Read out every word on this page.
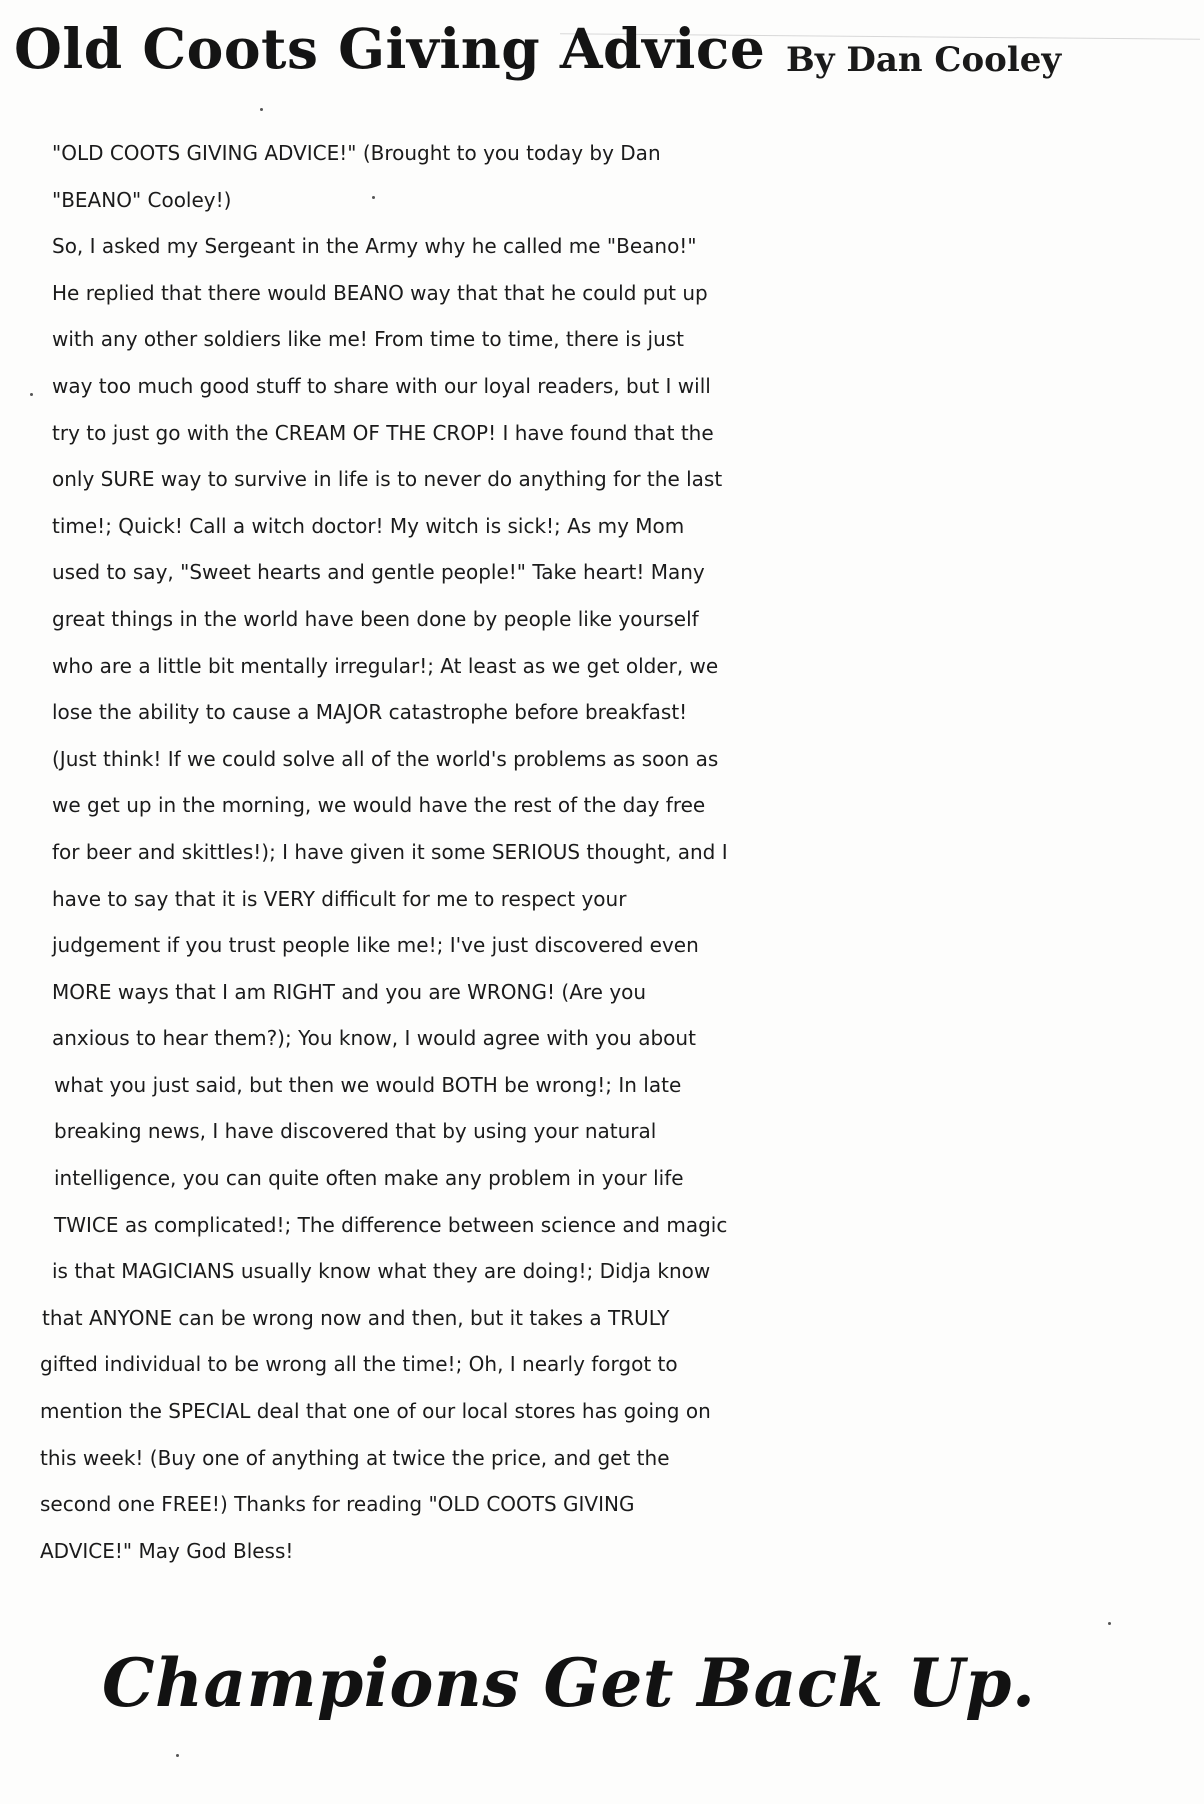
Old Coots Giving Advice By Dan Cooley
"OLD COOTS GIVING ADVICE!" (Brought to you today by Dan
"BEANO" Cooley!)
So, I asked my Sergeant in the Army why he called me "Beano!"
He replied that there would BEANO way that that he could put up
with any other soldiers like me! From time to time, there is just
way too much good stuff to share with our loyal readers, but I will
try to just go with the CREAM OF THE CROP! I have found that the
only SURE way to survive in life is to never do anything for the last
time!; Quick! Call a witch doctor! My witch is sick!; As my Mom
used to say, "Sweet hearts and gentle people!" Take heart! Many
great things in the world have been done by people like yourself
who are a little bit mentally irregular!; At least as we get older, we
lose the ability to cause a MAJOR catastrophe before breakfast!
(Just think! If we could solve all of the world's problems as soon as
we get up in the morning, we would have the rest of the day free
for beer and skittles!); I have given it some SERIOUS thought, and I
have to say that it is VERY difficult for me to respect your
judgement if you trust people like me!; I've just discovered even
MORE ways that I am RIGHT and you are WRONG! (Are you
anxious to hear them?); You know, I would agree with you about
what you just said, but then we would BOTH be wrong!; In late
breaking news, I have discovered that by using your natural
intelligence, you can quite often make any problem in your life
TWICE as complicated!; The difference between science and magic
is that MAGICIANS usually know what they are doing!; Didja know
that ANYONE can be wrong now and then, but it takes a TRULY
gifted individual to be wrong all the time!; Oh, I nearly forgot to
mention the SPECIAL deal that one of our local stores has going on
this week! (Buy one of anything at twice the price, and get the
second one FREE!) Thanks for reading "OLD COOTS GIVING
ADVICE!" May God Bless!
Champions Get Back Up.
